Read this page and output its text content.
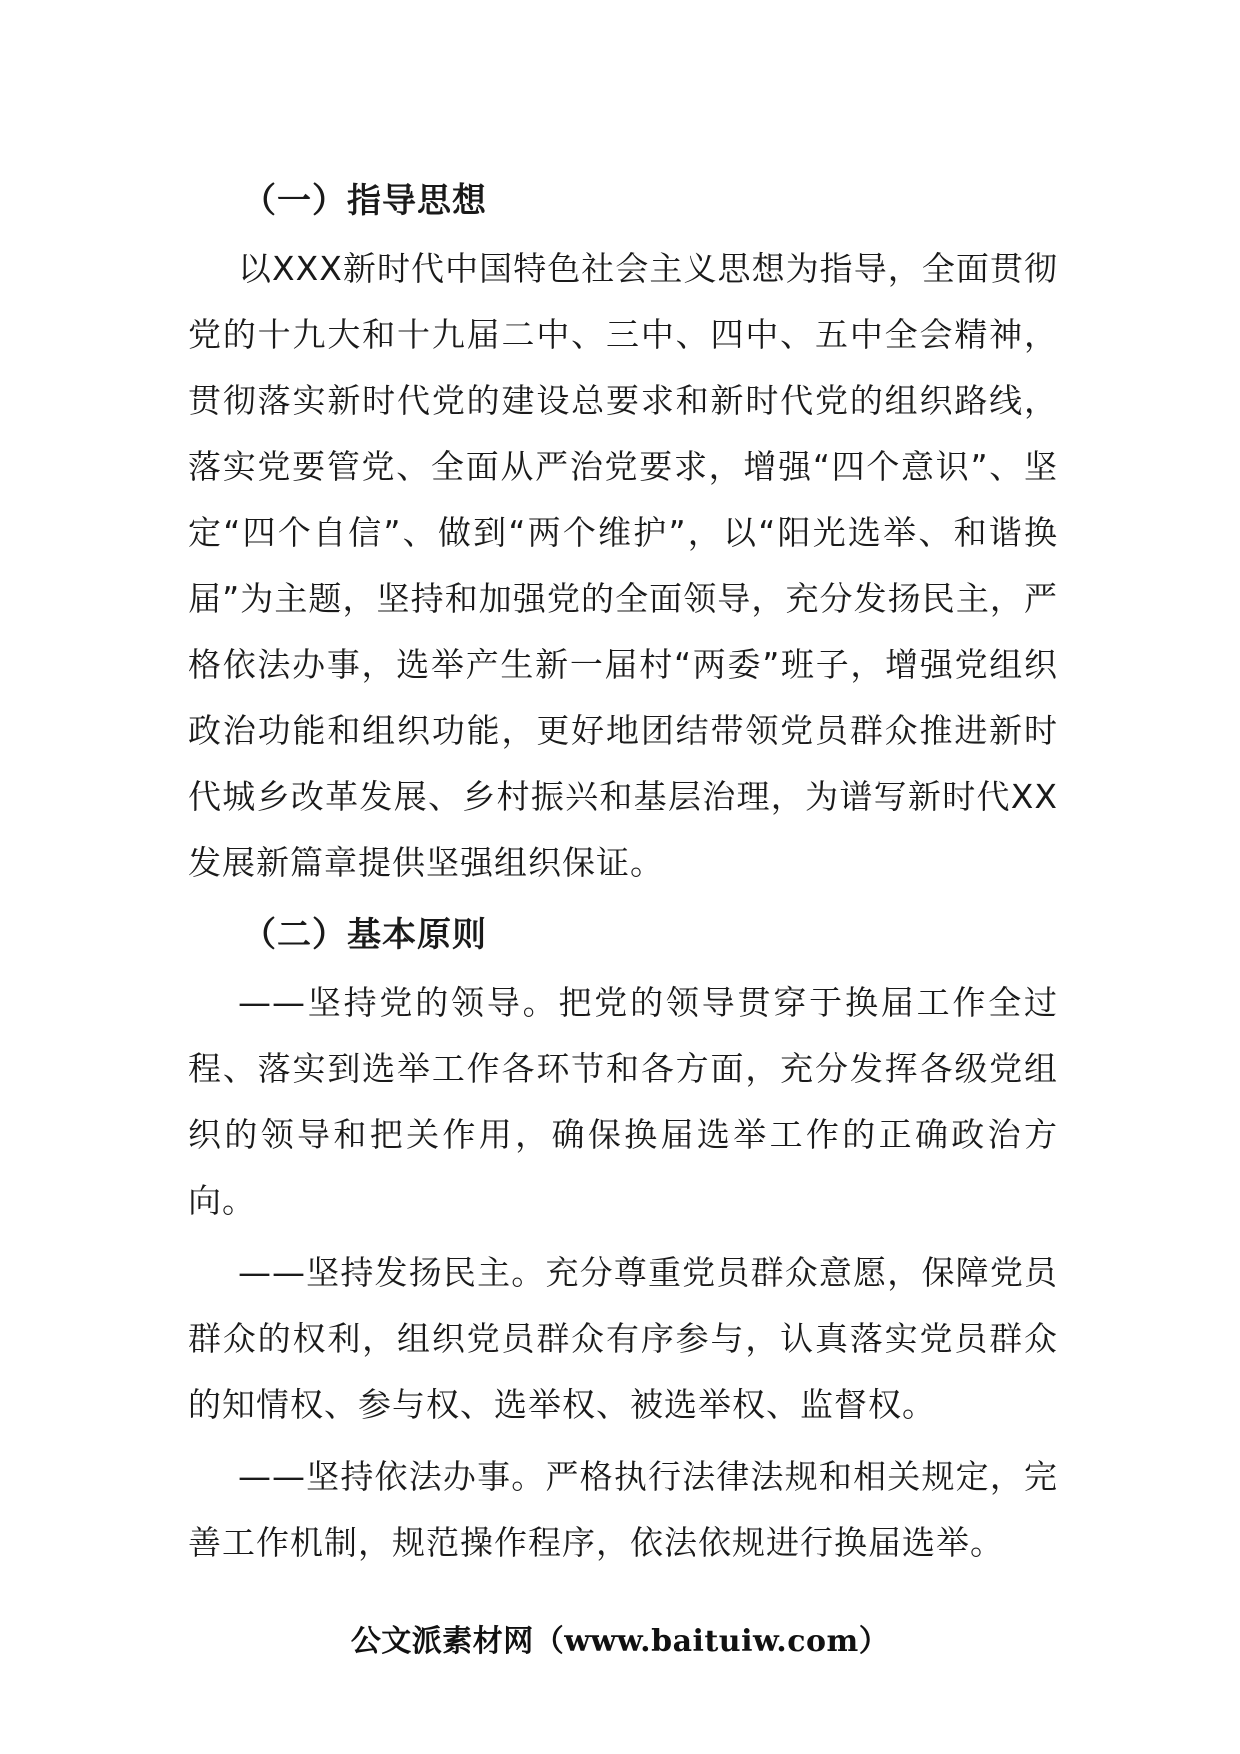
（一）指导思想

以XXX新时代中国特色社会主义思想为指导，全面贯彻党的十九大和十九届二中、三中、四中、五中全会精神，贯彻落实新时代党的建设总要求和新时代党的组织路线，落实党要管党、全面从严治党要求，增强“四个意识”、坚定“四个自信”、做到“两个维护”，以“阳光选举、和谐换届”为主题，坚持和加强党的全面领导，充分发扬民主，严格依法办事，选举产生新一届村“两委”班子，增强党组织政治功能和组织功能，更好地团结带领党员群众推进新时代城乡改革发展、乡村振兴和基层治理，为谱写新时代XX发展新篇章提供坚强组织保证。

（二）基本原则

——坚持党的领导。把党的领导贯穿于换届工作全过程、落实到选举工作各环节和各方面，充分发挥各级党组织的领导和把关作用，确保换届选举工作的正确政治方向。

——坚持发扬民主。充分尊重党员群众意愿，保障党员群众的权利，组织党员群众有序参与，认真落实党员群众的知情权、参与权、选举权、被选举权、监督权。

——坚持依法办事。严格执行法律法规和相关规定，完善工作机制，规范操作程序，依法依规进行换届选举。

公文派素材网（www.baituiw.com）
